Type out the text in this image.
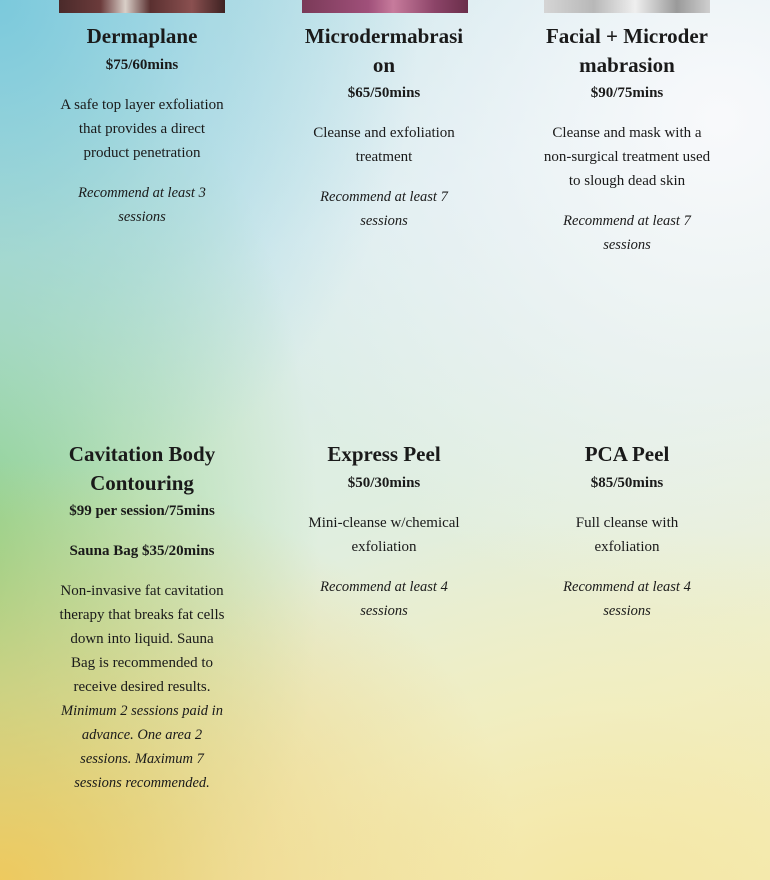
Dermaplane

$75/60mins

A safe top layer exfoliation that provides a direct product penetration

Recommend at least 3 sessions

Microdermabrasion

$65/50mins

Cleanse and exfoliation treatment

Recommend at least 7 sessions

Facial + Microdermabrasion

$90/75mins

Cleanse and mask with a non-surgical treatment used to slough dead skin

Recommend at least 7 sessions

Cavitation Body Contouring

$99 per session/75mins

Sauna Bag $35/20mins

Non-invasive fat cavitation therapy that breaks fat cells down into liquid. Sauna Bag is recommended to receive desired results. Minimum 2 sessions paid in advance. One area 2 sessions. Maximum 7 sessions recommended.

Express Peel

$50/30mins

Mini-cleanse w/chemical exfoliation

Recommend at least 4 sessions

PCA Peel

$85/50mins

Full cleanse with exfoliation

Recommend at least 4 sessions
